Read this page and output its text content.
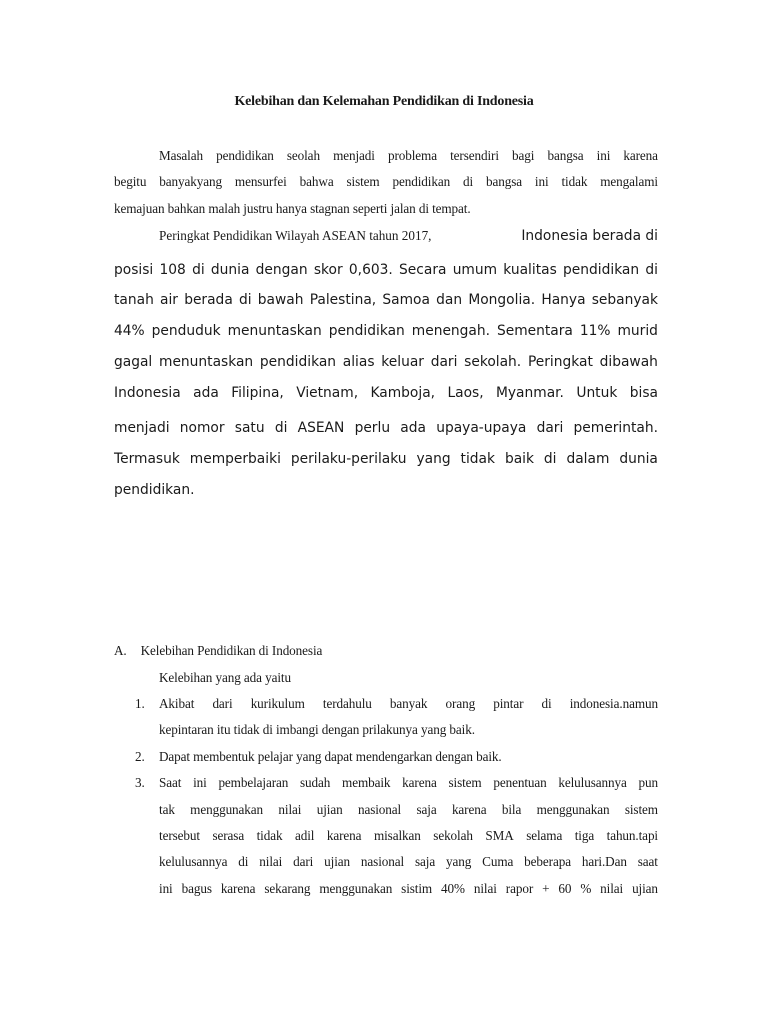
Kelebihan dan Kelemahan Pendidikan di Indonesia
Masalah pendidikan seolah menjadi problema tersendiri bagi bangsa ini karena
begitu banyakyang mensurfei bahwa sistem pendidikan di bangsa ini tidak mengalami
kemajuan bahkan malah justru hanya stagnan seperti jalan di tempat.
Peringkat Pendidikan Wilayah ASEAN tahun 2017,	Indonesia berada di
posisi 108 di dunia dengan skor 0,603. Secara umum kualitas pendidikan di
tanah air berada di bawah Palestina, Samoa dan Mongolia. Hanya sebanyak
44% penduduk menuntaskan pendidikan menengah. Sementara 11% murid
gagal menuntaskan pendidikan alias keluar dari sekolah. Peringkat dibawah
Indonesia ada Filipina, Vietnam, Kamboja, Laos, Myanmar. Untuk bisa
menjadi nomor satu di ASEAN perlu ada upaya-upaya dari pemerintah.
Termasuk memperbaiki perilaku-perilaku yang tidak baik di dalam dunia
pendidikan.
A. Kelebihan Pendidikan di Indonesia
Kelebihan yang ada yaitu
1. Akibat dari kurikulum terdahulu banyak orang pintar di indonesia.namun
kepintaran itu tidak di imbangi dengan prilakunya yang baik.
2. Dapat membentuk pelajar yang dapat mendengarkan dengan baik.
3. Saat ini pembelajaran sudah membaik karena sistem penentuan kelulusannya pun
tak menggunakan nilai ujian nasional saja karena bila menggunakan sistem
tersebut serasa tidak adil karena misalkan sekolah SMA selama tiga tahun.tapi
kelulusannya di nilai dari ujian nasional saja yang Cuma beberapa hari.Dan saat
ini bagus karena sekarang menggunakan sistim 40% nilai rapor + 60 % nilai ujian
